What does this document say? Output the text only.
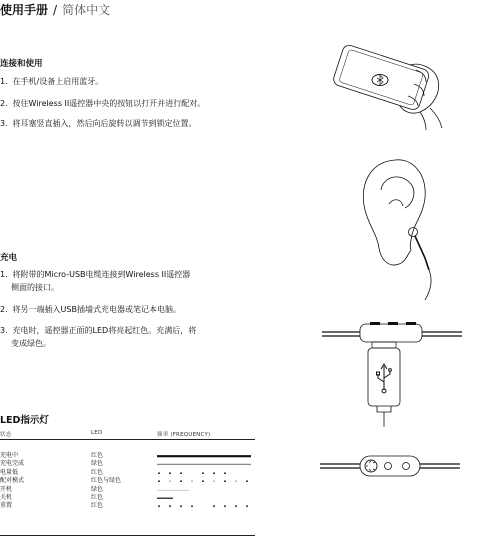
使用手册 / 简体中文
连接和使用
1. 在手机/设备上启用蓝牙。
2. 按住Wireless II遥控器中央的按钮以打开并进行配对。
3. 将耳塞竖直插入，然后向后旋转以调节到锁定位置。
充电
1. 将附带的Micro-USB电缆连接到Wireless II遥控器
侧面的接口。
2. 将另一端插入USB插墙式充电器或笔记本电脑。
3. 充电时，遥控器正面的LED将亮起红色。充满后，将
变成绿色。
LED指示灯
状态	LED	频率 (FREQUENCY)
充电中	红色
充电完成	绿色
电量低	红色
配对模式	红色与绿色
开机	绿色
关机	红色
重置	红色
